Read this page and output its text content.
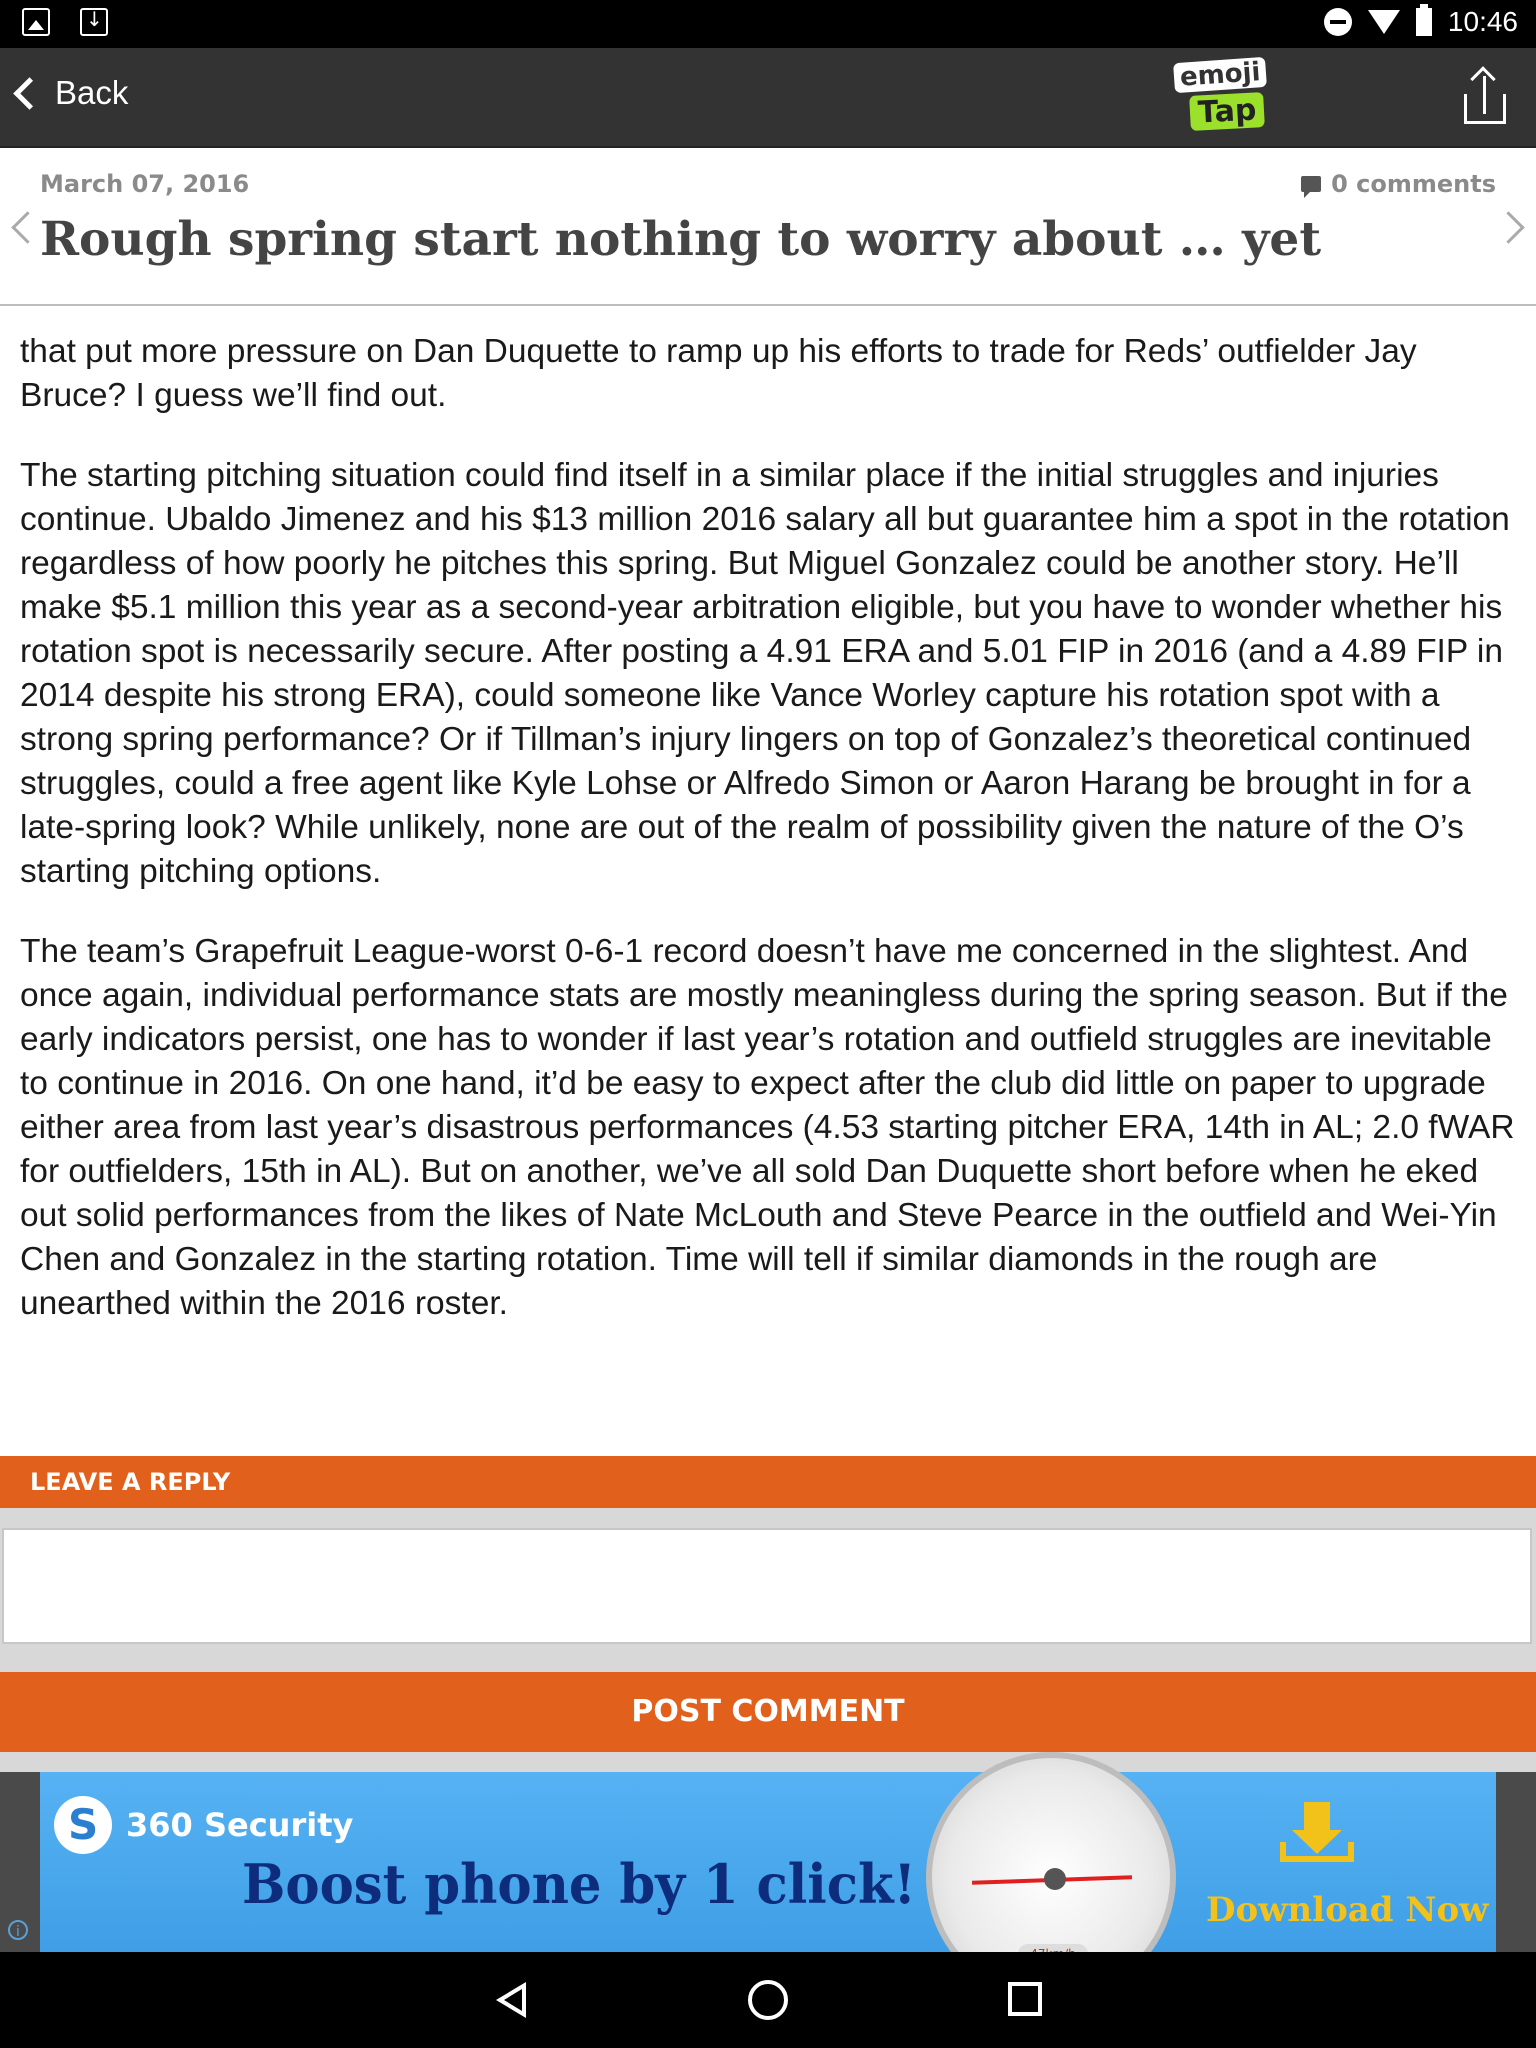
↓
10:46
Back	emoji
Tap
March 07, 2016	0 comments
Rough spring start nothing to worry about … yet

that put more pressure on Dan Duquette to ramp up his efforts to trade for Reds’ outfielder Jay Bruce? I guess we’ll find out.

The starting pitching situation could find itself in a similar place if the initial struggles and injuries continue. Ubaldo Jimenez and his $13 million 2016 salary all but guarantee him a spot in the rotation regardless of how poorly he pitches this spring. But Miguel Gonzalez could be another story. He’ll make $5.1 million this year as a second-year arbitration eligible, but you have to wonder whether his rotation spot is necessarily secure. After posting a 4.91 ERA and 5.01 FIP in 2016 (and a 4.89 FIP in 2014 despite his strong ERA), could someone like Vance Worley capture his rotation spot with a strong spring performance? Or if Tillman’s injury lingers on top of Gonzalez’s theoretical continued struggles, could a free agent like Kyle Lohse or Alfredo Simon or Aaron Harang be brought in for a late-spring look? While unlikely, none are out of the realm of possibility given the nature of the O’s starting pitching options.

The team’s Grapefruit League-worst 0-6-1 record doesn’t have me concerned in the slightest. And once again, individual performance stats are mostly meaningless during the spring season. But if the early indicators persist, one has to wonder if last year’s rotation and outfield struggles are inevitable to continue in 2016. On one hand, it’d be easy to expect after the club did little on paper to upgrade either area from last year’s disastrous performances (4.53 starting pitcher ERA, 14th in AL; 2.0 fWAR for outfielders, 15th in AL). But on another, we’ve all sold Dan Duquette short before when he eked out solid performances from the likes of Nate McLouth and Steve Pearce in the outfield and Wei-Yin Chen and Gonzalez in the starting rotation. Time will tell if similar diamonds in the rough are unearthed within the 2016 roster.

LEAVE A REPLY
POST COMMENT
S
360 Security
Boost phone by 1 click!	Download Now
i
